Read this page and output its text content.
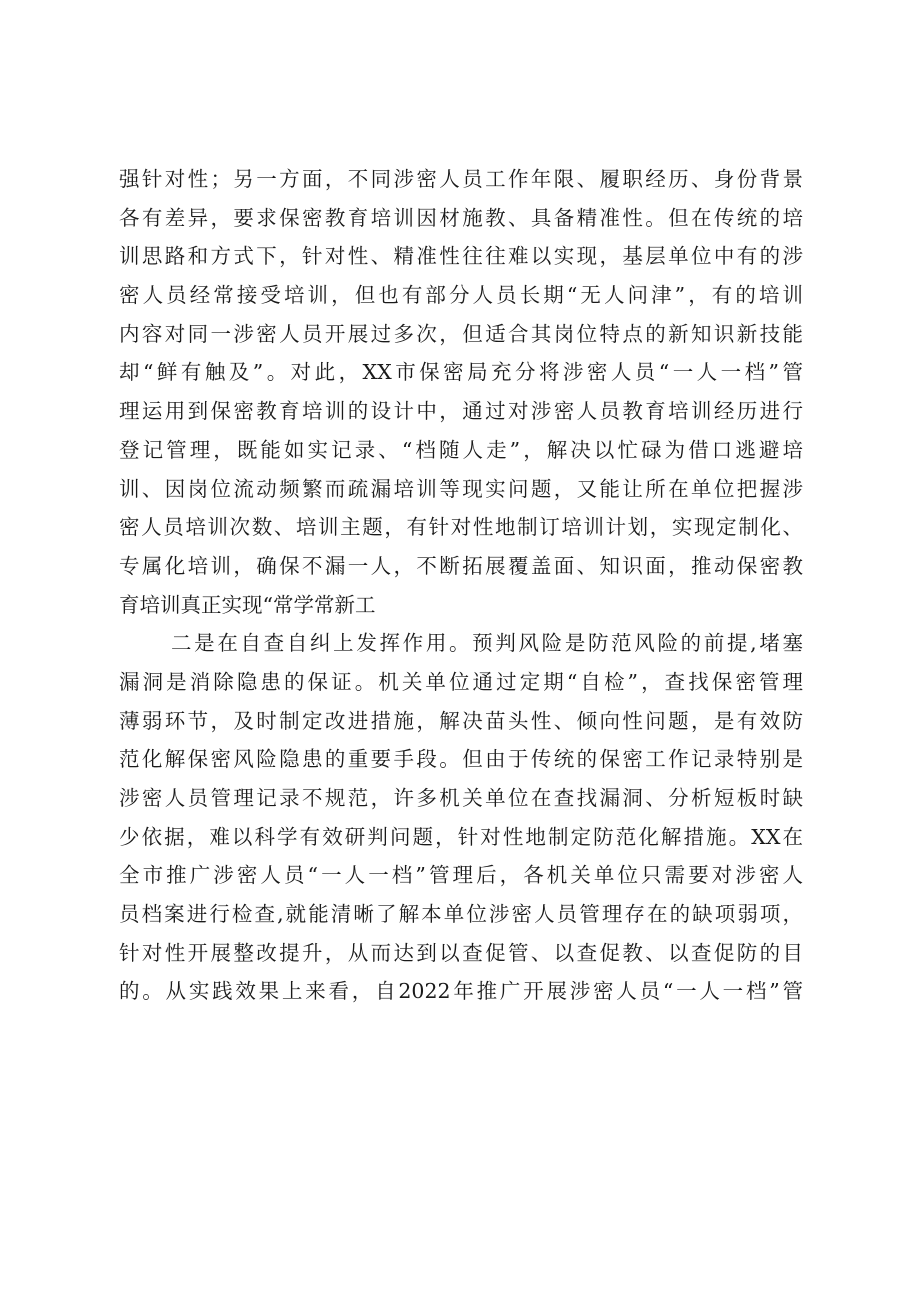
强针对性；另一方面，不同涉密人员工作年限、履职经历、身份背景
各有差异，要求保密教育培训因材施教、具备精准性。但在传统的培
训思路和方式下，针对性、精准性往往难以实现，基层单位中有的涉
密人员经常接受培训，但也有部分人员长期“无人问津”，有的培训
内容对同一涉密人员开展过多次，但适合其岗位特点的新知识新技能
却“鲜有触及”。对此，XX市保密局充分将涉密人员“一人一档”管
理运用到保密教育培训的设计中，通过对涉密人员教育培训经历进行
登记管理，既能如实记录、“档随人走”，解决以忙碌为借口逃避培
训、因岗位流动频繁而疏漏培训等现实问题，又能让所在单位把握涉
密人员培训次数、培训主题，有针对性地制订培训计划，实现定制化、
专属化培训，确保不漏一人，不断拓展覆盖面、知识面，推动保密教
育培训真正实现“常学常新工
二是在自查自纠上发挥作用。预判风险是防范风险的前提,堵塞
漏洞是消除隐患的保证。机关单位通过定期“自检”，查找保密管理
薄弱环节，及时制定改进措施，解决苗头性、倾向性问题，是有效防
范化解保密风险隐患的重要手段。但由于传统的保密工作记录特别是
涉密人员管理记录不规范，许多机关单位在查找漏洞、分析短板时缺
少依据，难以科学有效研判问题，针对性地制定防范化解措施。XX在
全市推广涉密人员“一人一档”管理后，各机关单位只需要对涉密人
员档案进行检查,就能清晰了解本单位涉密人员管理存在的缺项弱项，
针对性开展整改提升，从而达到以查促管、以查促教、以查促防的目
的。从实践效果上来看，自2022年推广开展涉密人员“一人一档”管
